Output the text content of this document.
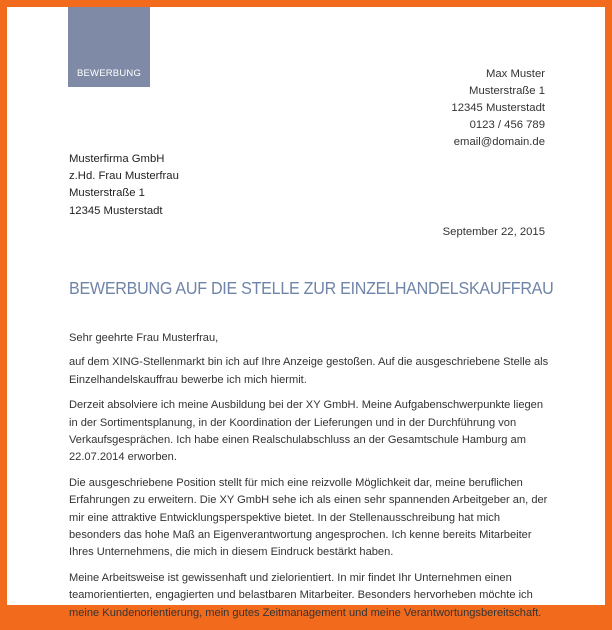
BEWERBUNG	Max Muster
Musterstraße 1
12345 Musterstadt
0123 / 456 789
email@domain.de
Musterfirma GmbH
z.Hd. Frau Musterfrau
Musterstraße 1
12345 Musterstadt
September 22, 2015
BEWERBUNG AUF DIE STELLE ZUR EINZELHANDELSKAUFFRAU

Sehr geehrte Frau Musterfrau,

auf dem XING-Stellenmarkt bin ich auf Ihre Anzeige gestoßen. Auf die ausgeschriebene Stelle als Einzelhandelskauffrau bewerbe ich mich hiermit.

Derzeit absolviere ich meine Ausbildung bei der XY GmbH. Meine Aufgabenschwerpunkte liegen in der Sortimentsplanung, in der Koordination der Lieferungen und in der Durchführung von Verkaufsgesprächen. Ich habe einen Realschulabschluss an der Gesamtschule Hamburg am 22.07.2014 erworben.

Die ausgeschriebene Position stellt für mich eine reizvolle Möglichkeit dar, meine beruflichen Erfahrungen zu erweitern. Die XY GmbH sehe ich als einen sehr spannenden Arbeitgeber an, der mir eine attraktive Entwicklungsperspektive bietet. In der Stellenausschreibung hat mich besonders das hohe Maß an Eigenverantwortung angesprochen. Ich kenne bereits Mitarbeiter Ihres Unternehmens, die mich in diesem Eindruck bestärkt haben.

Meine Arbeitsweise ist gewissenhaft und zielorientiert. In mir findet Ihr Unternehmen einen teamorientierten, engagierten und belastbaren Mitarbeiter. Besonders hervorheben möchte ich meine Kundenorientierung, mein gutes Zeitmanagement und meine Verantwortungsbereitschaft.
